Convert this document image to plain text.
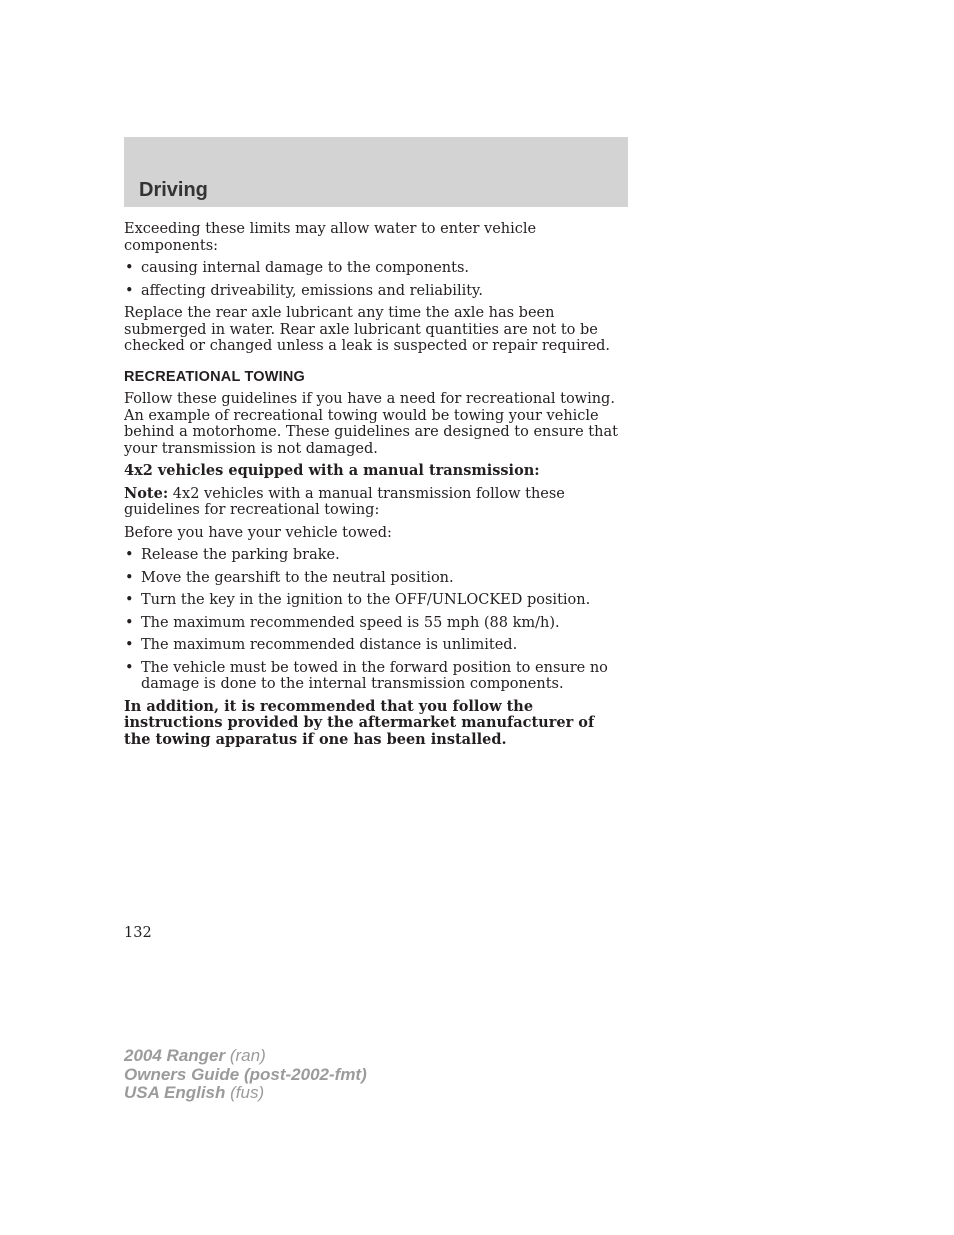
Driving

Exceeding these limits may allow water to enter vehicle components:

• causing internal damage to the components.
• affecting driveability, emissions and reliability.

Replace the rear axle lubricant any time the axle has been submerged in water. Rear axle lubricant quantities are not to be checked or changed unless a leak is suspected or repair required.

RECREATIONAL TOWING

Follow these guidelines if you have a need for recreational towing. An example of recreational towing would be towing your vehicle behind a motorhome. These guidelines are designed to ensure that your transmission is not damaged.

4x2 vehicles equipped with a manual transmission:

Note: 4x2 vehicles with a manual transmission follow these guidelines for recreational towing:

Before you have your vehicle towed:

• Release the parking brake.
• Move the gearshift to the neutral position.
• Turn the key in the ignition to the OFF/UNLOCKED position.
• The maximum recommended speed is 55 mph (88 km/h).
• The maximum recommended distance is unlimited.
• The vehicle must be towed in the forward position to ensure no damage is done to the internal transmission components.

In addition, it is recommended that you follow the instructions provided by the aftermarket manufacturer of the towing apparatus if one has been installed.

132
2004 Ranger (ran)
Owners Guide (post-2002-fmt)
USA English (fus)
